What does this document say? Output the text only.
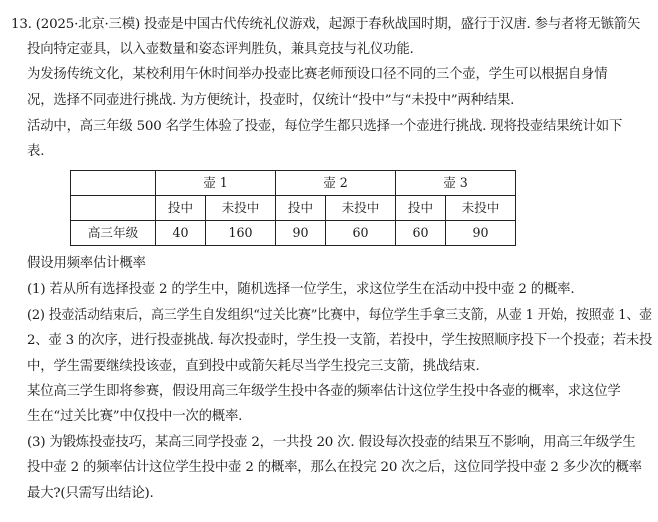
13. (2025·北京·三模) 投壶是中国古代传统礼仪游戏，起源于春秋战国时期，盛行于汉唐. 参与者将无镞箭矢
投向特定壶具，以入壶数量和姿态评判胜负，兼具竞技与礼仪功能.
为发扬传统文化，某校利用午休时间举办投壶比赛老师预设口径不同的三个壶，学生可以根据自身情
况，选择不同壶进行挑战. 为方便统计，投壶时，仅统计“投中”与“未投中”两种结果.
活动中，高三年级 500 名学生体验了投壶，每位学生都只选择一个壶进行挑战. 现将投壶结果统计如下
表.
	壶 1		壶 2		壶 3	
	投中	未投中	投中	未投中	投中	未投中
高三年级	40	160	90	60	60	90
假设用频率估计概率
(1) 若从所有选择投壶 2 的学生中，随机选择一位学生，求这位学生在活动中投中壶 2 的概率.
(2) 投壶活动结束后，高三学生自发组织“过关比赛”比赛中，每位学生手拿三支箭，从壶 1 开始，按照壶 1、壶
2、壶 3 的次序，进行投壶挑战. 每次投壶时，学生投一支箭，若投中，学生按照顺序投下一个投壶；若未投
中，学生需要继续投该壶，直到投中或箭矢耗尽当学生投完三支箭，挑战结束.
某位高三学生即将参赛，假设用高三年级学生投中各壶的频率估计这位学生投中各壶的概率，求这位学
生在“过关比赛”中仅投中一次的概率.
(3) 为锻炼投壶技巧，某高三同学投壶 2，一共投 20 次. 假设每次投壶的结果互不影响，用高三年级学生
投中壶 2 的频率估计这位学生投中壶 2 的概率，那么在投完 20 次之后，这位同学投中壶 2 多少次的概率
最大?(只需写出结论).
